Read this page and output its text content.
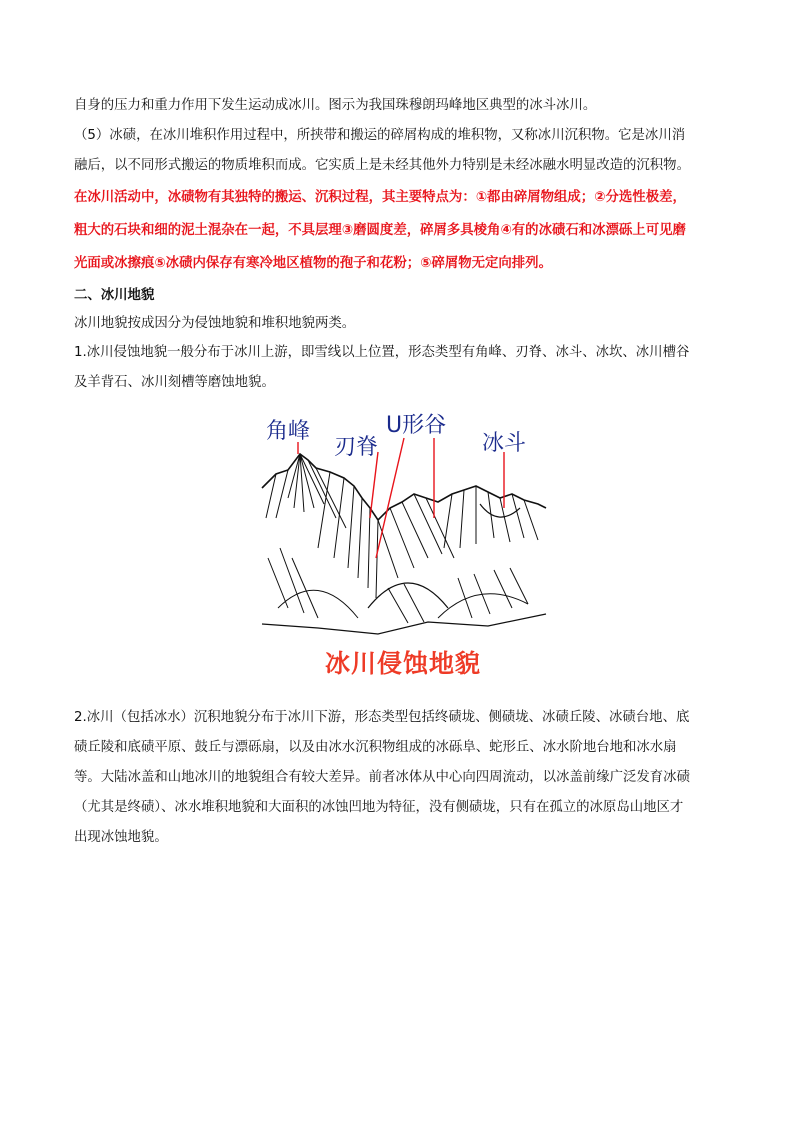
自身的压力和重力作用下发生运动成冰川。图示为我国珠穆朗玛峰地区典型的冰斗冰川。
（5）冰碛，在冰川堆积作用过程中，所挟带和搬运的碎屑构成的堆积物，又称冰川沉积物。它是冰川消
融后，以不同形式搬运的物质堆积而成。它实质上是未经其他外力特别是未经冰融水明显改造的沉积物。
在冰川活动中，冰碛物有其独特的搬运、沉积过程，其主要特点为：①都由碎屑物组成；②分选性极差，
粗大的石块和细的泥土混杂在一起，不具层理③磨圆度差，碎屑多具棱角④有的冰碛石和冰漂砾上可见磨
光面或冰擦痕⑤冰碛内保存有寒冷地区植物的孢子和花粉；⑤碎屑物无定向排列。
二、冰川地貌
冰川地貌按成因分为侵蚀地貌和堆积地貌两类。
1.冰川侵蚀地貌一般分布于冰川上游，即雪线以上位置，形态类型有角峰、刃脊、冰斗、冰坎、冰川槽谷
及羊背石、冰川刻槽等磨蚀地貌。
角峰
刃脊
U形谷
冰斗
冰川侵蚀地貌
2.冰川（包括冰水）沉积地貌分布于冰川下游，形态类型包括终碛垅、侧碛垅、冰碛丘陵、冰碛台地、底
碛丘陵和底碛平原、鼓丘与漂砾扇，以及由冰水沉积物组成的冰砾阜、蛇形丘、冰水阶地台地和冰水扇
等。大陆冰盖和山地冰川的地貌组合有较大差异。前者冰体从中心向四周流动，以冰盖前缘广泛发育冰碛
（尤其是终碛）、冰水堆积地貌和大面积的冰蚀凹地为特征，没有侧碛垅，只有在孤立的冰原岛山地区才
出现冰蚀地貌。
